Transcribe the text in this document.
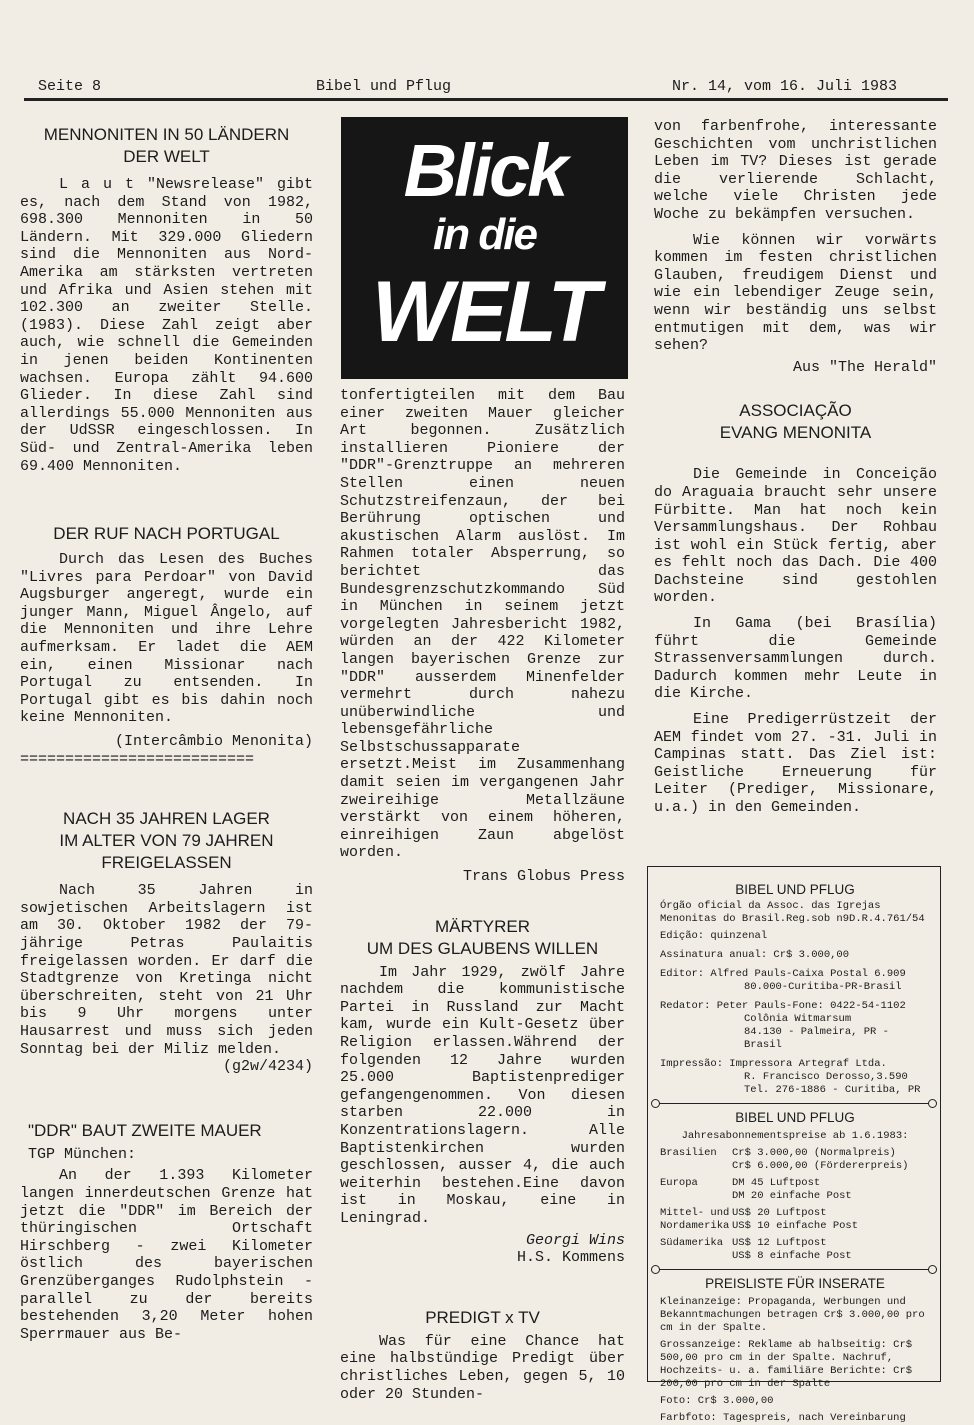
Seite 8	Bibel und Pflug	Nr. 14, vom 16. Juli 1983
MENNONITEN IN 50 LÄNDERN
DER WELT

L a u t "Newsrelease" gibt es, nach dem Stand von 1982, 698.300 Mennoniten in 50 Ländern. Mit 329.000 Gliedern sind die Mennoniten aus Nord-Amerika am stärksten vertreten und Afrika und Asien stehen mit 102.300 an zweiter Stelle. (1983). Diese Zahl zeigt aber auch, wie schnell die Gemeinden in jenen beiden Kontinenten wachsen. Europa zählt 94.600 Glieder. In diese Zahl sind allerdings 55.000 Mennoniten aus der UdSSR eingeschlossen. In Süd- und Zentral-Amerika leben 69.400 Mennoniten.

DER RUF NACH PORTUGAL

Durch das Lesen des Buches "Livres para Perdoar" von David Augsburger angeregt, wurde ein junger Mann, Miguel Ângelo, auf die Mennoniten und ihre Lehre aufmerksam. Er ladet die AEM ein, einen Missionar nach Portugal zu entsenden. In Portugal gibt es bis dahin noch keine Mennoniten.

(Intercâmbio Menonita)
==========================
NACH 35 JAHREN LAGER
IM ALTER VON 79 JAHREN
FREIGELASSEN

Nach 35 Jahren in sowjetischen Arbeitslagern ist am 30. Oktober 1982 der 79-jährige Petras Paulaitis freigelassen worden. Er darf die Stadtgrenze von Kretinga nicht überschreiten, steht von 21 Uhr bis 9 Uhr morgens unter Hausarrest und muss sich jeden Sonntag bei der Miliz melden.

(g2w/4234)
"DDR" BAUT ZWEITE MAUER
TGP München:

An der 1.393 Kilometer langen innerdeutschen Grenze hat jetzt die "DDR" im Bereich der thüringischen Ortschaft Hirschberg - zwei Kilometer östlich des bayerischen Grenzüberganges Rudolphstein - parallel zu der bereits bestehenden 3,20 Meter hohen Sperrmauer aus Be-

Blick
in die
WELT

tonfertigteilen mit dem Bau einer zweiten Mauer gleicher Art begonnen. Zusätzlich installieren Pioniere der "DDR"-Grenztruppe an mehreren Stellen einen neuen Schutzstreifenzaun, der bei Berührung optischen und akustischen Alarm auslöst. Im Rahmen totaler Absperrung, so berichtet das Bundesgrenzschutzkommando Süd in München in seinem jetzt vorgelegten Jahresbericht 1982, würden an der 422 Kilometer langen bayerischen Grenze zur "DDR" ausserdem Minenfelder vermehrt durch nahezu unüberwindliche und lebensgefährliche Selbstschussapparate ersetzt.Meist im Zusammenhang damit seien im vergangenen Jahr zweireihige Metallzäune verstärkt von einem höheren, einreihigen Zaun abgelöst worden.

Trans Globus Press
MÄRTYRER
UM DES GLAUBENS WILLEN

Im Jahr 1929, zwölf Jahre nachdem die kommunistische Partei in Russland zur Macht kam, wurde ein Kult-Gesetz über Religion erlassen.Während der folgenden 12 Jahre wurden 25.000 Baptistenprediger gefangengenommen. Von diesen starben 22.000 in Konzentrationslagern. Alle Baptistenkirchen wurden geschlossen, ausser 4, die auch weiterhin bestehen.Eine davon ist in Moskau, eine in Leningrad.

Georgi Wins
H.S. Kommens
PREDIGT x TV

Was für eine Chance hat eine halbstündige Predigt über christliches Leben, gegen 5, 10 oder 20 Stunden-

von farbenfrohe, interessante Geschichten vom unchristlichen Leben im TV? Dieses ist gerade die verlierende Schlacht, welche viele Christen jede Woche zu bekämpfen versuchen.

Wie können wir vorwärts kommen im festen christlichen Glauben, freudigem Dienst und wie ein lebendiger Zeuge sein, wenn wir beständig uns selbst entmutigen mit dem, was wir sehen?

Aus "The Herald"
ASSOCIAÇÃO
EVANG MENONITA

Die Gemeinde in Conceição do Araguaia braucht sehr unsere Fürbitte. Man hat noch kein Versammlungshaus. Der Rohbau ist wohl ein Stück fertig, aber es fehlt noch das Dach. Die 400 Dachsteine sind gestohlen worden.

In Gama (bei Brasília) führt die Gemeinde Strassenversammlungen durch. Dadurch kommen mehr Leute in die Kirche.

Eine Predigerrüstzeit der AEM findet vom 27. -31. Juli in Campinas statt. Das Ziel ist: Geistliche Erneuerung für Leiter (Prediger, Missionare, u.a.) in den Gemeinden.

BIBEL UND PFLUG
Órgão oficial da Assoc. das Igrejas Menonitas do Brasil.Reg.sob n9D.R.4.761/54
Edição: quinzenal
Assinatura anual: Cr$ 3.000,00
Editor: Alfred Pauls-Caixa Postal 6.909
80.000-Curitiba-PR-Brasil
Redator: Peter Pauls-Fone: 0422-54-1102
Colônia Witmarsum
84.130 - Palmeira, PR - Brasil
Impressão: Impressora Artegraf Ltda.
R. Francisco Derosso,3.590
Tel. 276-1886 - Curitiba, PR
BIBEL UND PFLUG
Jahresabonnementspreise ab 1.6.1983:
Brasilien	Cr$ 3.000,00 (Normalpreis)
Cr$ 6.000,00 (Fördererpreis)
Europa	DM 45 Luftpost
DM 20 einfache Post
Mittel- und Nordamerika
US$ 20 Luftpost
US$ 10 einfache Post
Südamerika US$ 12 Luftpost
US$ 8 einfache Post
PREISLISTE FÜR INSERATE
Kleinanzeige: Propaganda, Werbungen und Bekanntmachungen betragen Cr$ 3.000,00 pro cm in der Spalte.
Grossanzeige: Reklame ab halbseitig: Cr$ 500,00 pro cm in der Spalte. Nachruf, Hochzeits- u. a. familiäre Berichte: Cr$ 200,00 pro cm in der Spalte
Foto: Cr$ 3.000,00
Farbfoto: Tagespreis, nach Vereinbarung
